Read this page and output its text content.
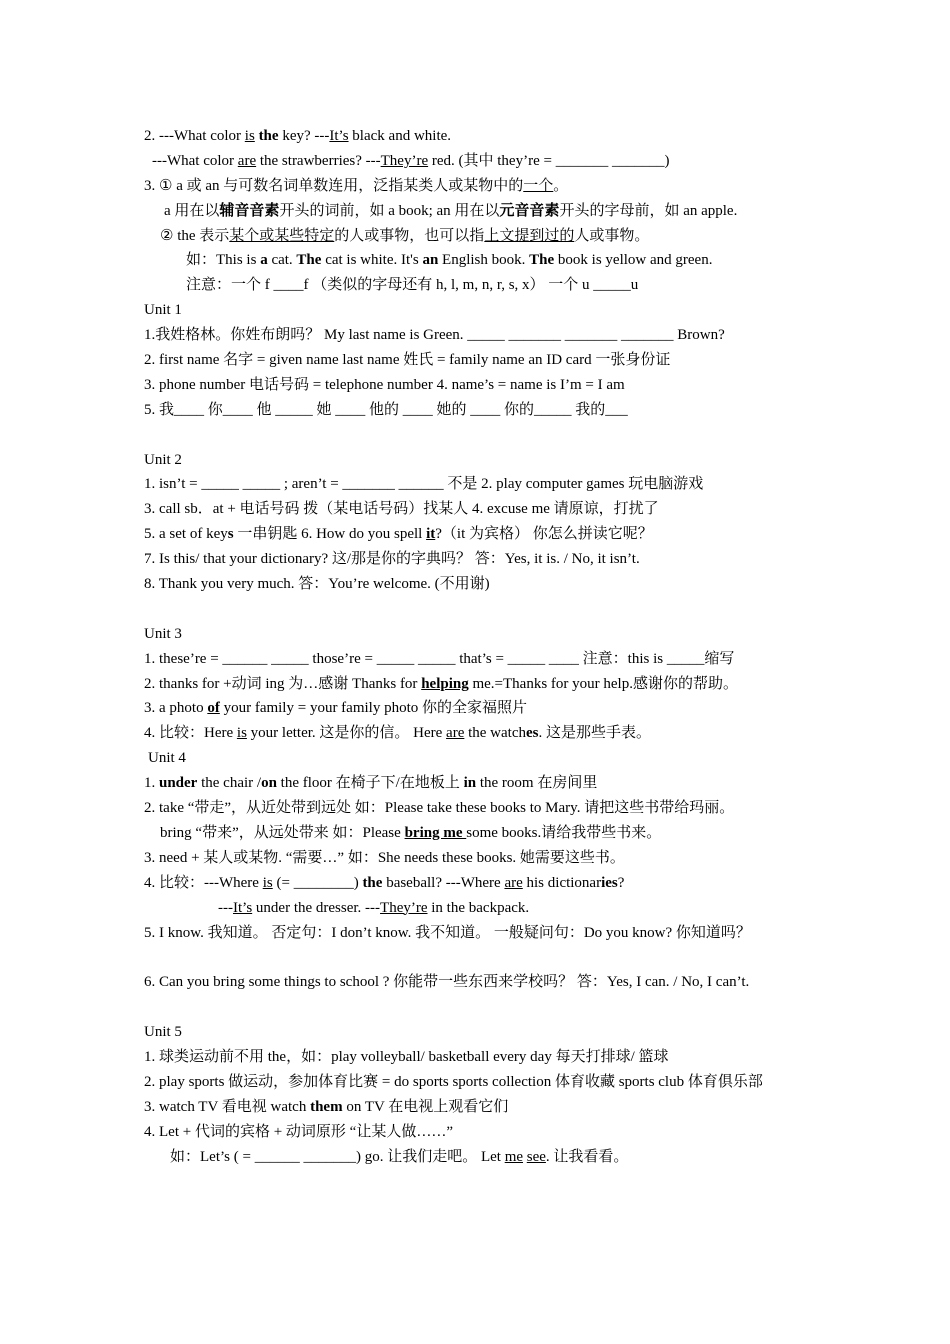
2. ---What color is the key? ---It’s black and white.
---What color are the strawberries? ---They’re red. (其中 they’re = _______ _______)
3. ① a 或 an 与可数名词单数连用，泛指某类人或某物中的一个。
a 用在以辅音音素开头的词前，如 a book; an 用在以元音音素开头的字母前，如 an apple.
② the 表示某个或某些特定的人或事物，也可以指上文提到过的人或事物。
如：This is a cat. The cat is white. It's an English book. The book is yellow and green.
注意：一个 f ____f （类似的字母还有 h, l, m, n, r, s, x） 一个 u _____u
Unit 1
1.我姓格林。你姓布朗吗？ My last name is Green. _____ _______ _______ _______ Brown?
2. first name 名字 = given name last name 姓氏 = family name an ID card 一张身份证
3. phone number 电话号码 = telephone number 4. name’s = name is I’m = I am
5. 我____ 你____ 他 _____ 她 ____ 他的 ____ 她的 ____ 你的_____ 我的___
Unit 2
1. isn’t = _____ _____ ; aren’t = _______ ______ 不是 2. play computer games 玩电脑游戏
3. call sb．at + 电话号码 拨（某电话号码）找某人 4. excuse me 请原谅，打扰了
5. a set of keys 一串钥匙 6. How do you spell it?（it 为宾格） 你怎么拼读它呢？
7. Is this/ that your dictionary? 这/那是你的字典吗？ 答：Yes, it is. / No, it isn’t.
8. Thank you very much. 答：You’re welcome. (不用谢)
Unit 3
1. these’re = ______ _____ those’re = _____ _____ that’s = _____ ____ 注意：this is _____缩写
2. thanks for +动词 ing 为…感谢 Thanks for helping me.=Thanks for your help.感谢你的帮助。
3. a photo of your family = your family photo 你的全家福照片
4. 比较：Here is your letter. 这是你的信。 Here are the watches. 这是那些手表。
Unit 4
1. under the chair /on the floor 在椅子下/在地板上 in the room 在房间里
2. take “带走”，从近处带到远处 如：Please take these books to Mary. 请把这些书带给玛丽。
bring “带来”，从远处带来 如：Please bring me some books.请给我带些书来。
3. need + 某人或某物. “需要…” 如：She needs these books. 她需要这些书。
4. 比较：---Where is (= ________) the baseball? ---Where are his dictionaries?
---It’s under the dresser. ---They’re in the backpack.
5. I know. 我知道。 否定句：I don’t know. 我不知道。 一般疑问句：Do you know? 你知道吗？
6. Can you bring some things to school ? 你能带一些东西来学校吗？ 答：Yes, I can. / No, I can’t.
Unit 5
1. 球类运动前不用 the，如：play volleyball/ basketball every day 每天打排球/ 篮球
2. play sports 做运动，参加体育比赛 = do sports sports collection 体育收藏 sports club 体育俱乐部
3. watch TV 看电视 watch them on TV 在电视上观看它们
4. Let + 代词的宾格 + 动词原形 “让某人做……”
如：Let’s ( = ______ _______) go. 让我们走吧。 Let me see. 让我看看。
